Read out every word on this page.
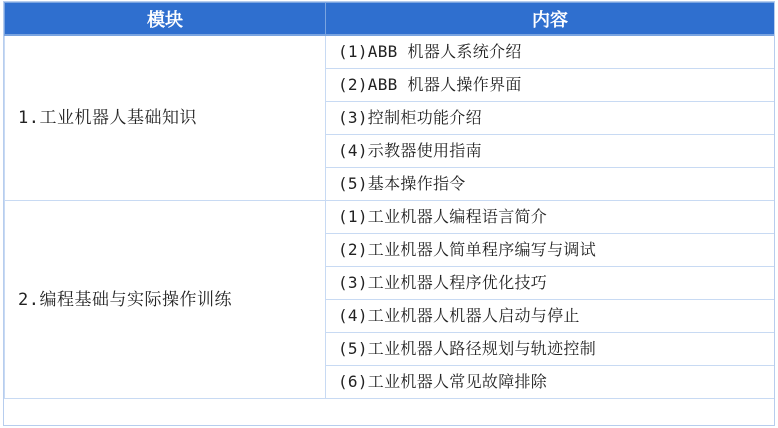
模块	内容
1.工业机器人基础知识	(1)ABB 机器人系统介绍
	(2)ABB 机器人操作界面
	(3)控制柜功能介绍
	(4)示教器使用指南
	(5)基本操作指令
2.编程基础与实际操作训练	(1)工业机器人编程语言简介
	(2)工业机器人简单程序编写与调试
	(3)工业机器人程序优化技巧
	(4)工业机器人机器人启动与停止
	(5)工业机器人路径规划与轨迹控制
	(6)工业机器人常见故障排除
